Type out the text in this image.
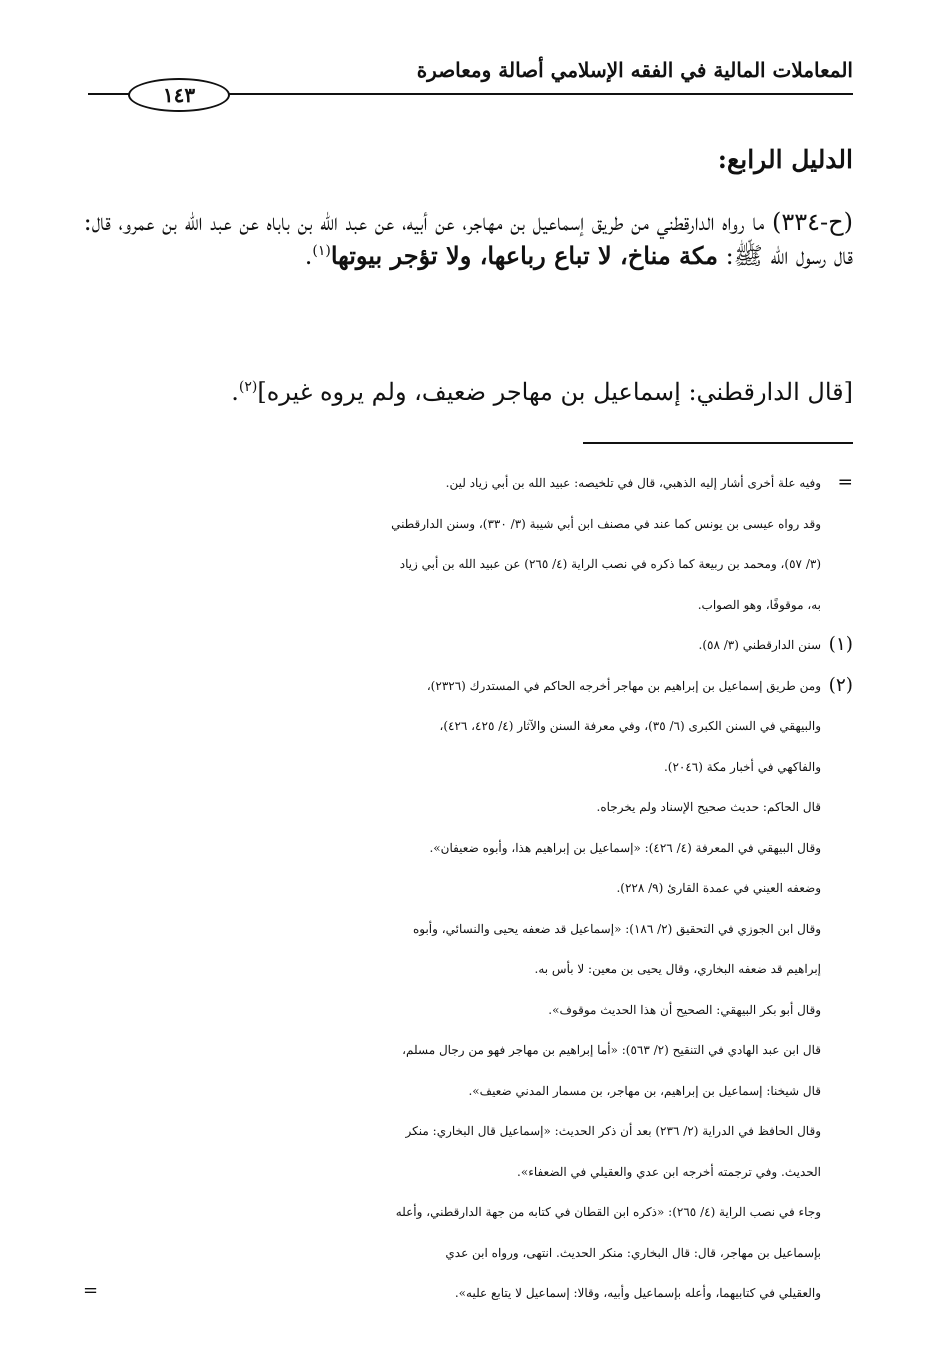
المعاملات المالية في الفقه الإسلامي أصالة ومعاصرة
١٤٣
الدليل الرابع:
(ح-٣٣٤) ما رواه الدارقطني من طريق إسماعيل بن مهاجر، عن أبيه، عن عبد الله بن باباه عن عبد الله بن عمرو، قال: قال رسول الله ﷺ: مكة مناخ، لا تباع رباعها، ولا تؤجر بيوتها$^{(١)}$.
[قال الدارقطني: إسماعيل بن مهاجر ضعيف، ولم يروه غيره]$^{(٢)}$.
=
وفيه علة أخرى أشار إليه الذهبي، قال في تلخيصه: عبيد الله بن أبي زياد لين.
وقد رواه عيسى بن يونس كما عند في مصنف ابن أبي شيبة (٣/ ٣٣٠)، وسنن الدارقطني
(٣/ ٥٧)، ومحمد بن ربيعة كما ذكره في نصب الراية (٤/ ٢٦٥) عن عبيد الله بن أبي زياد
به، موقوفًا، وهو الصواب.
(١)
سنن الدارقطني (٣/ ٥٨).
(٢)
ومن طريق إسماعيل بن إبراهيم بن مهاجر أخرجه الحاكم في المستدرك (٢٣٢٦)،
والبيهقي في السنن الكبرى (٦/ ٣٥)، وفي معرفة السنن والآثار (٤/ ٤٢٥، ٤٢٦)،
والفاكهي في أخبار مكة (٢٠٤٦).
قال الحاكم: حديث صحيح الإسناد ولم يخرجاه.
وقال البيهقي في المعرفة (٤/ ٤٢٦): «إسماعيل بن إبراهيم هذا، وأبوه ضعيفان».
وضعفه العيني في عمدة القارئ (٩/ ٢٢٨).
وقال ابن الجوزي في التحقيق (٢/ ١٨٦): «إسماعيل قد ضعفه يحيى والنسائي، وأبوه
إبراهيم قد ضعفه البخاري، وقال يحيى بن معين: لا بأس به.
وقال أبو بكر البيهقي: الصحيح أن هذا الحديث موقوف».
قال ابن عبد الهادي في التنقيح (٢/ ٥٦٣): «أما إبراهيم بن مهاجر فهو من رجال مسلم،
قال شيخنا: إسماعيل بن إبراهيم، بن مهاجر، بن مسمار المدني ضعيف».
وقال الحافظ في الدراية (٢/ ٢٣٦) بعد أن ذكر الحديث: «إسماعيل قال البخاري: منكر
الحديث. وفي ترجمته أخرجه ابن عدي والعقيلي في الضعفاء».
وجاء في نصب الراية (٤/ ٢٦٥): «ذكره ابن القطان في كتابه من جهة الدارقطني، وأعله
بإسماعيل بن مهاجر، قال: قال البخاري: منكر الحديث. انتهى، ورواه ابن عدي
والعقيلي في كتابيهما، وأعله بإسماعيل وأبيه، وقالا: إسماعيل لا يتابع عليه».
=
